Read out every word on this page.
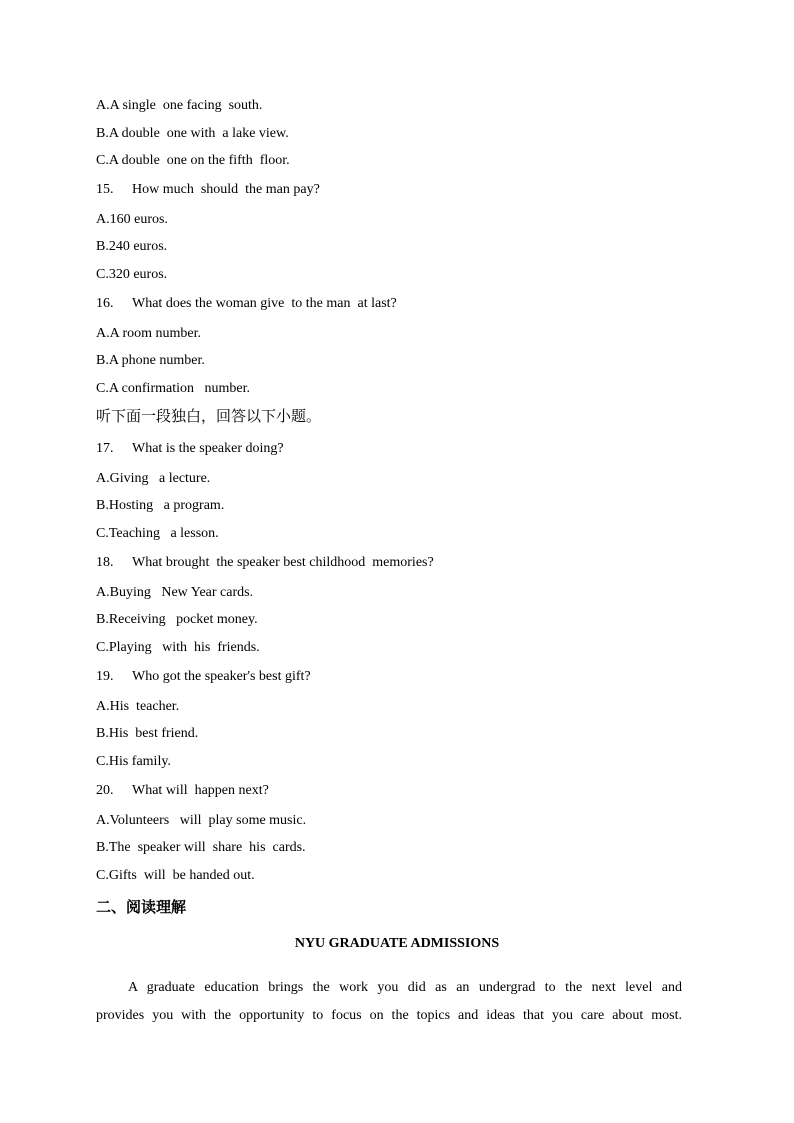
A.A single  one facing  south.
B.A double  one with  a lake view.
C.A double  one on the fifth  floor.
15. How much  should  the man pay?
A.160 euros.
B.240 euros.
C.320 euros.
16. What does the woman give  to the man  at last?
A.A room number.
B.A phone number.
C.A confirmation   number.
听下面一段独白，回答以下小题。
17. What is the speaker doing?
A.Giving   a lecture.
B.Hosting   a program.
C.Teaching   a lesson.
18. What brought  the speaker best childhood  memories?
A.Buying   New Year cards.
B.Receiving   pocket money.
C.Playing   with  his  friends.
19. Who got the speaker's best gift?
A.His  teacher.
B.His  best friend.
C.His family.
20. What will  happen next?
A.Volunteers   will  play some music.
B.The  speaker will  share  his  cards.
C.Gifts  will  be handed out.
二、阅读理解
NYU GRADUATE ADMISSIONS
A graduate education brings the work you did as an undergrad to the next level and
provides you with the opportunity to focus on the topics and ideas that you care about most.
